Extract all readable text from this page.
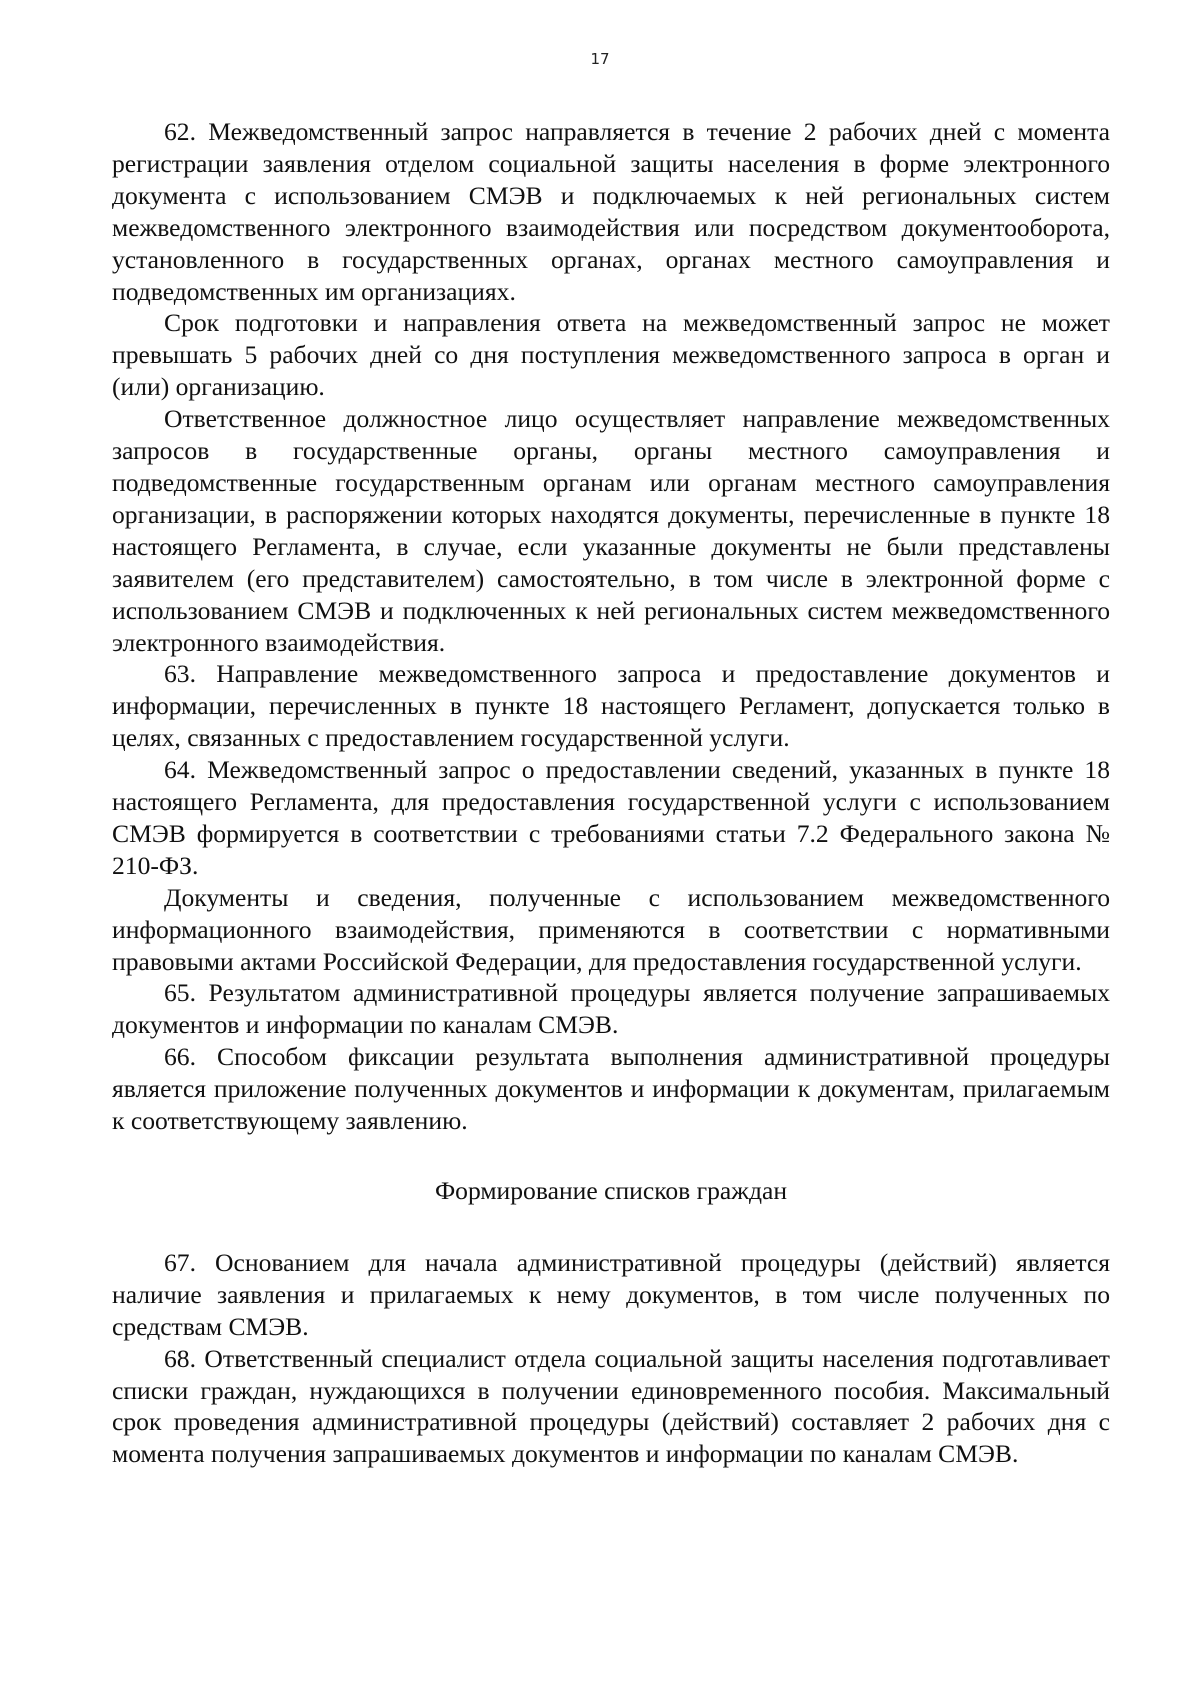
17

62. Межведомственный запрос направляется в течение 2 рабочих дней с момента регистрации заявления отделом социальной защиты населения в форме электронного документа с использованием СМЭВ и подключаемых к ней региональных систем межведомственного электронного взаимодействия или посредством документооборота, установленного в государственных органах, органах местного самоуправления и подведомственных им организациях.

Срок подготовки и направления ответа на межведомственный запрос не может превышать 5 рабочих дней со дня поступления межведомственного запроса в орган и (или) организацию.

Ответственное должностное лицо осуществляет направление межведомственных запросов в государственные органы, органы местного самоуправления и подведомственные государственным органам или органам местного самоуправления организации, в распоряжении которых находятся документы, перечисленные в пункте 18 настоящего Регламента, в случае, если указанные документы не были представлены заявителем (его представителем) самостоятельно, в том числе в электронной форме с использованием СМЭВ и подключенных к ней региональных систем межведомственного электронного взаимодействия.

63. Направление межведомственного запроса и предоставление документов и информации, перечисленных в пункте 18 настоящего Регламент, допускается только в целях, связанных с предоставлением государственной услуги.

64. Межведомственный запрос о предоставлении сведений, указанных в пункте 18 настоящего Регламента, для предоставления государственной услуги с использованием СМЭВ формируется в соответствии с требованиями статьи 7.2 Федерального закона № 210-ФЗ.

Документы и сведения, полученные с использованием межведомственного информационного взаимодействия, применяются в соответствии с нормативными правовыми актами Российской Федерации, для предоставления государственной услуги.

65. Результатом административной процедуры является получение запрашиваемых документов и информации по каналам СМЭВ.

66. Способом фиксации результата выполнения административной процедуры является приложение полученных документов и информации к документам, прилагаемым к соответствующему заявлению.

Формирование списков граждан

67. Основанием для начала административной процедуры (действий) является наличие заявления и прилагаемых к нему документов, в том числе полученных по средствам СМЭВ.

68. Ответственный специалист отдела социальной защиты населения подготавливает списки граждан, нуждающихся в получении единовременного пособия. Максимальный срок проведения административной процедуры (действий) составляет 2 рабочих дня с момента получения запрашиваемых документов и информации по каналам СМЭВ.
